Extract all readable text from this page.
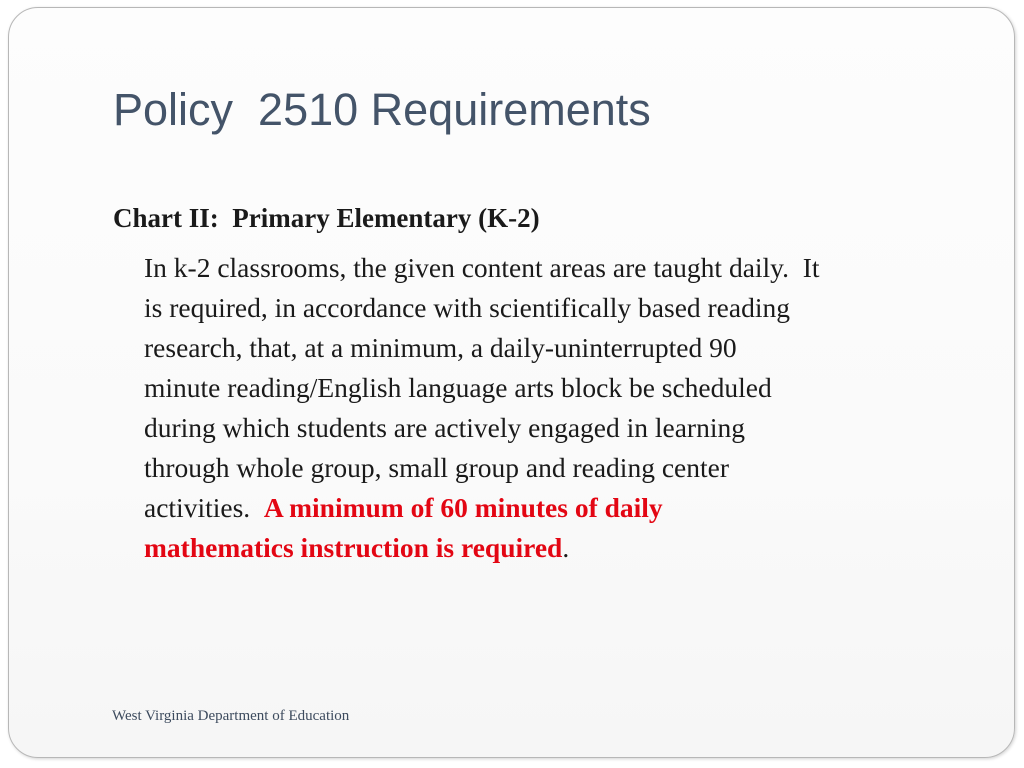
Policy  2510 Requirements
Chart II:  Primary Elementary (K-2)
In k-2 classrooms, the given content areas are taught daily.  It
is required, in accordance with scientifically based reading
research, that, at a minimum, a daily-uninterrupted 90
minute reading/English language arts block be scheduled
during which students are actively engaged in learning
through whole group, small group and reading center
activities.  A minimum of 60 minutes of daily
mathematics instruction is required.

West Virginia Department of Education
